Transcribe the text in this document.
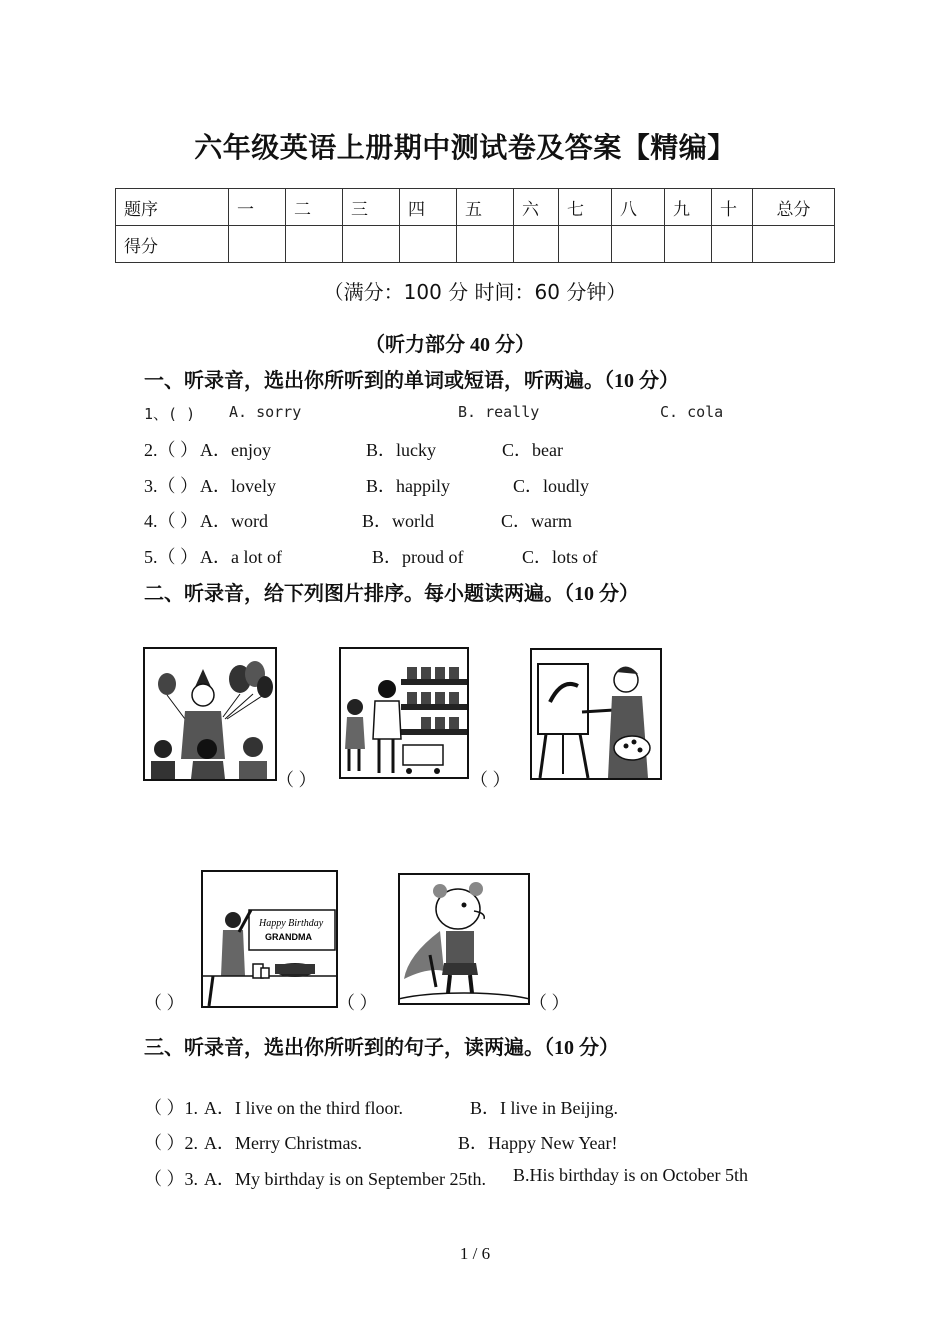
六年级英语上册期中测试卷及答案【精编】
题序	一	二	三	四	五	六	七	八	九	十	总分
得分											
（满分：100 分 时间：60 分钟）
（听力部分 40 分）
一、听录音，选出你所听到的单词或短语，听两遍。（10 分）
1、( ) A. sorry	B. really	C. cola
2.（ ） A．enjoy	B．lucky	C．bear
3.（ ） A．lovely	B．happily	C．loudly
4.（ ） A．word	B．world	C．warm
5.（ ） A．a lot of	B．proud of	C．lots of
二、听录音，给下列图片排序。每小题读两遍。（10 分）
（ ）	（ ）
（ ）
Happy Birthday
GRANDMA
（ ）	（ ）
三、听录音，选出你所听到的句子，读两遍。（10 分）
（ ）1. A．I live on the third floor.	B．I live in Beijing.
（ ）2. A．Merry Christmas.	B．Happy New Year!
（ ）3. A．My birthday is on September 25th. B.His birthday is on October 5th
1 / 6
